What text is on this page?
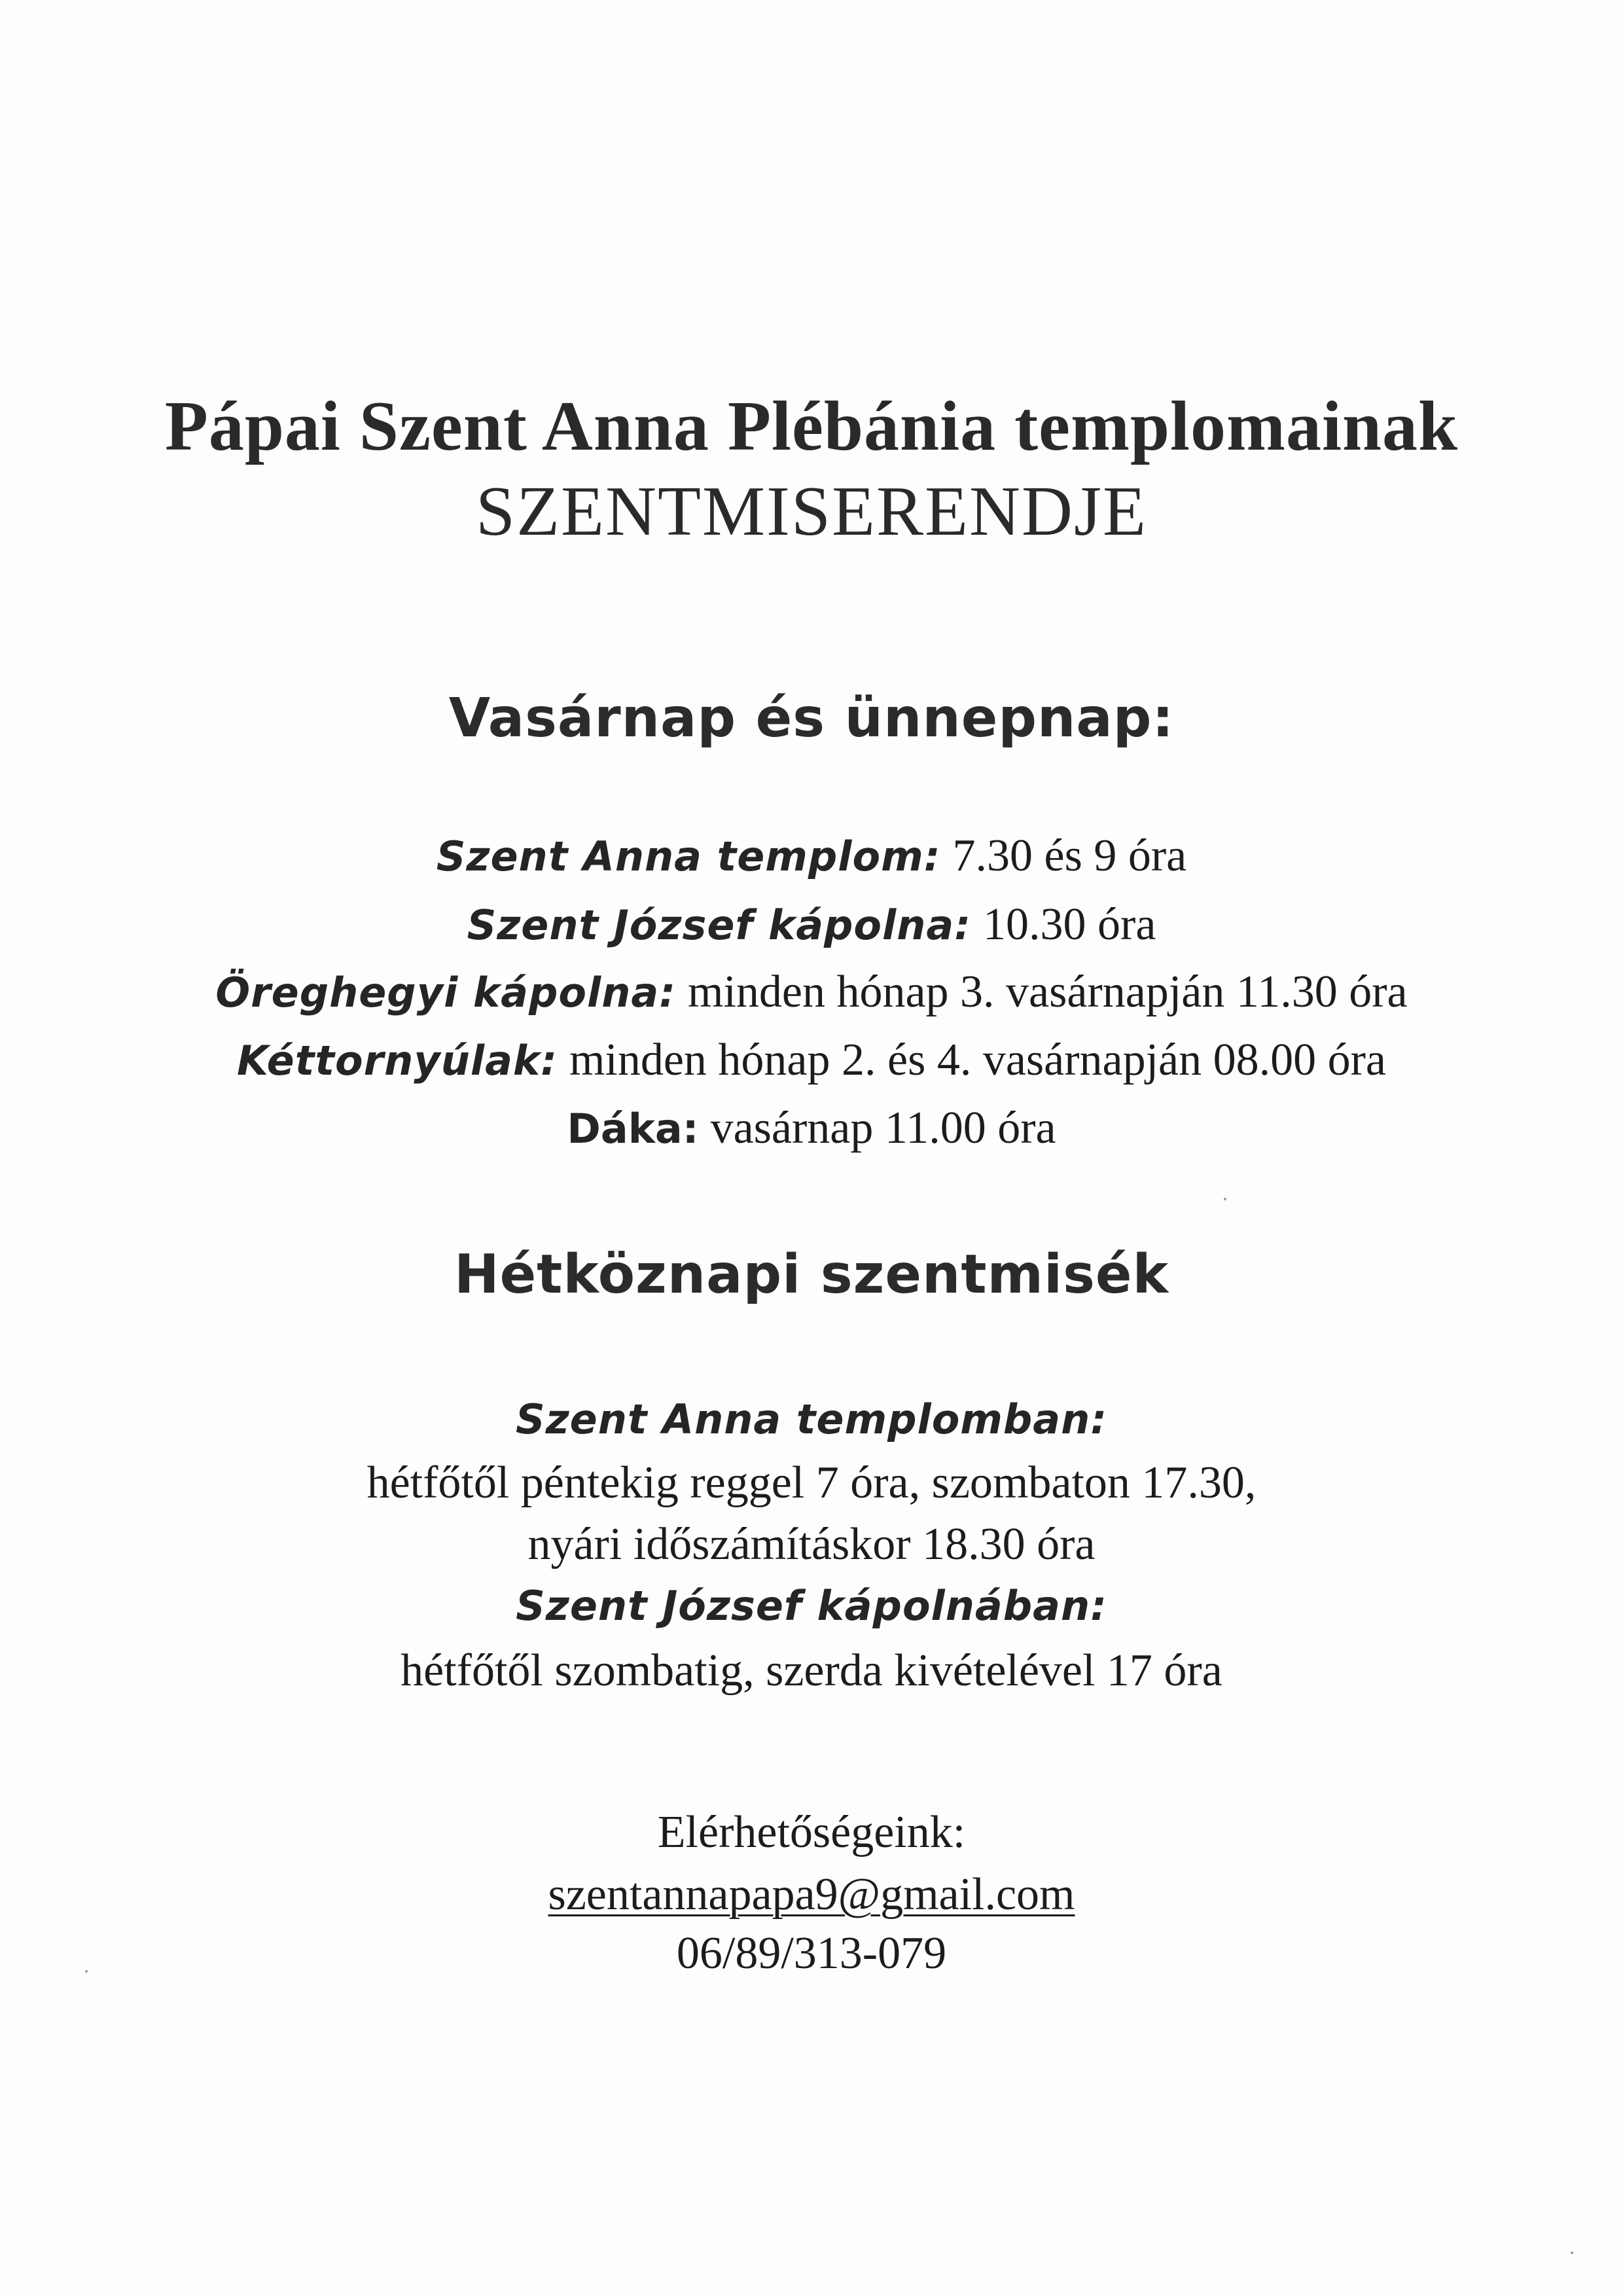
Pápai Szent Anna Plébánia templomainak
SZENTMISERENDJE
Vasárnap és ünnepnap:
Szent Anna templom: 7.30 és 9 óra
Szent József kápolna: 10.30 óra
Öreghegyi kápolna: minden hónap 3. vasárnapján 11.30 óra
Kéttornyúlak: minden hónap 2. és 4. vasárnapján 08.00 óra
Dáka: vasárnap 11.00 óra
Hétköznapi szentmisék
Szent Anna templomban:
hétfőtől péntekig reggel 7 óra, szombaton 17.30,
nyári időszámításkor 18.30 óra
Szent József kápolnában:
hétfőtől szombatig, szerda kivételével 17 óra
Elérhetőségeink:
szentannapapa9@gmail.com
06/89/313-079
